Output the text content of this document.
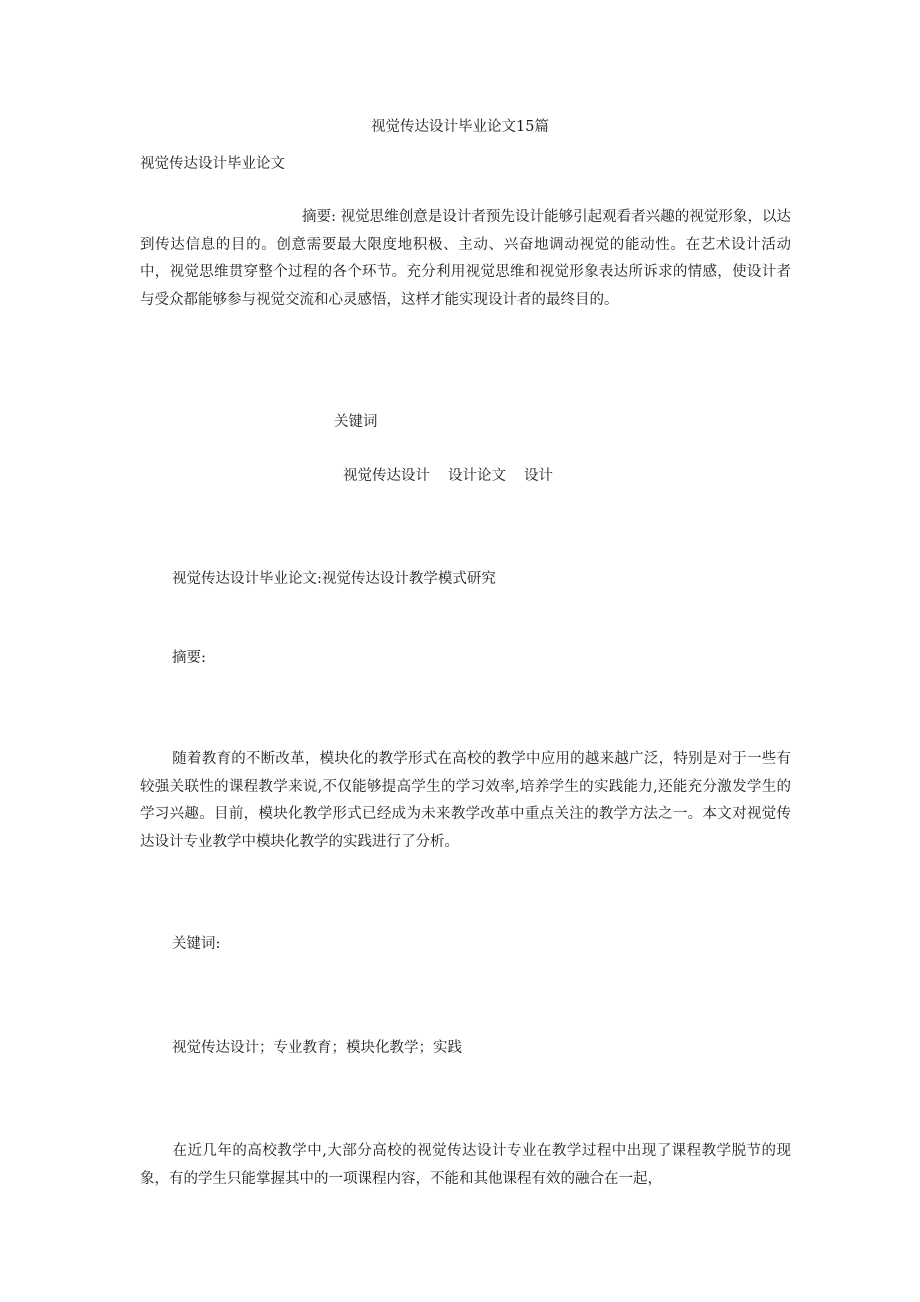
视觉传达设计毕业论文15篇

视觉传达设计毕业论文

摘要: 视觉思维创意是设计者预先设计能够引起观看者兴趣的视觉形象，以达到传达信息的目的。创意需要最大限度地积极、主动、兴奋地调动视觉的能动性。在艺术设计活动中，视觉思维贯穿整个过程的各个环节。充分利用视觉思维和视觉形象表达所诉求的情感，使设计者与受众都能够参与视觉交流和心灵感悟，这样才能实现设计者的最终目的。

关键词

视觉传达设计 设计论文 设计

视觉传达设计毕业论文:视觉传达设计教学模式研究

摘要:

随着教育的不断改革，模块化的教学形式在高校的教学中应用的越来越广泛，特别是对于一些有较强关联性的课程教学来说,不仅能够提高学生的学习效率,培养学生的实践能力,还能充分激发学生的学习兴趣。目前，模块化教学形式已经成为未来教学改革中重点关注的教学方法之一。本文对视觉传达设计专业教学中模块化教学的实践进行了分析。

关键词:

视觉传达设计；专业教育；模块化教学；实践

在近几年的高校教学中,大部分高校的视觉传达设计专业在教学过程中出现了课程教学脱节的现象，有的学生只能掌握其中的一项课程内容，不能和其他课程有效的融合在一起，
